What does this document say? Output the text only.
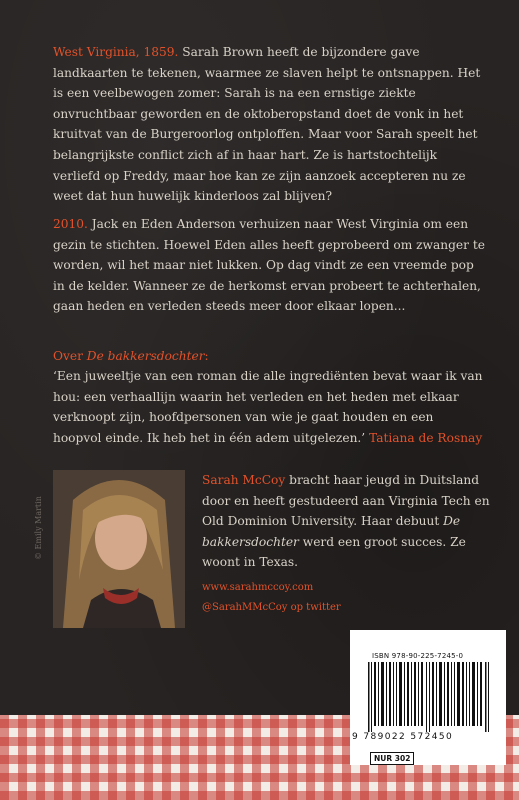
West Virginia, 1859. Sarah Brown heeft de bijzondere gave landkaarten te tekenen, waarmee ze slaven helpt te ontsnappen. Het is een veelbewogen zomer: Sarah is na een ernstige ziekte onvruchtbaar geworden en de oktoberopstand doet de vonk in het kruitvat van de Burgeroorlog ontploffen. Maar voor Sarah speelt het belangrijkste conflict zich af in haar hart. Ze is hartstochtelijk verliefd op Freddy, maar hoe kan ze zijn aanzoek accepteren nu ze weet dat hun huwelijk kinderloos zal blijven?

2010. Jack en Eden Anderson verhuizen naar West Virginia om een gezin te stichten. Hoewel Eden alles heeft geprobeerd om zwanger te worden, wil het maar niet lukken. Op dag vindt ze een vreemde pop in de kelder. Wanneer ze de herkomst ervan probeert te achterhalen, gaan heden en verleden steeds meer door elkaar lopen...

Over De bakkersdochter:

‘Een juweeltje van een roman die alle ingrediënten bevat waar ik van hou: een verhaallijn waarin het verleden en het heden met elkaar verknoopt zijn, hoofdpersonen van wie je gaat houden en een hoopvol einde. Ik heb het in één adem uitgelezen.’ Tatiana de Rosnay

© Emily Martin

Sarah McCoy bracht haar jeugd in Duitsland door en heeft gestudeerd aan Virginia Tech en Old Dominion University. Haar debuut De bakkersdochter werd een groot succes. Ze woont in Texas.

www.sarahmccoy.com
@SarahMMcCoy op twitter
ISBN 978-90-225-7245-0
9 789022 572450
NUR 302
